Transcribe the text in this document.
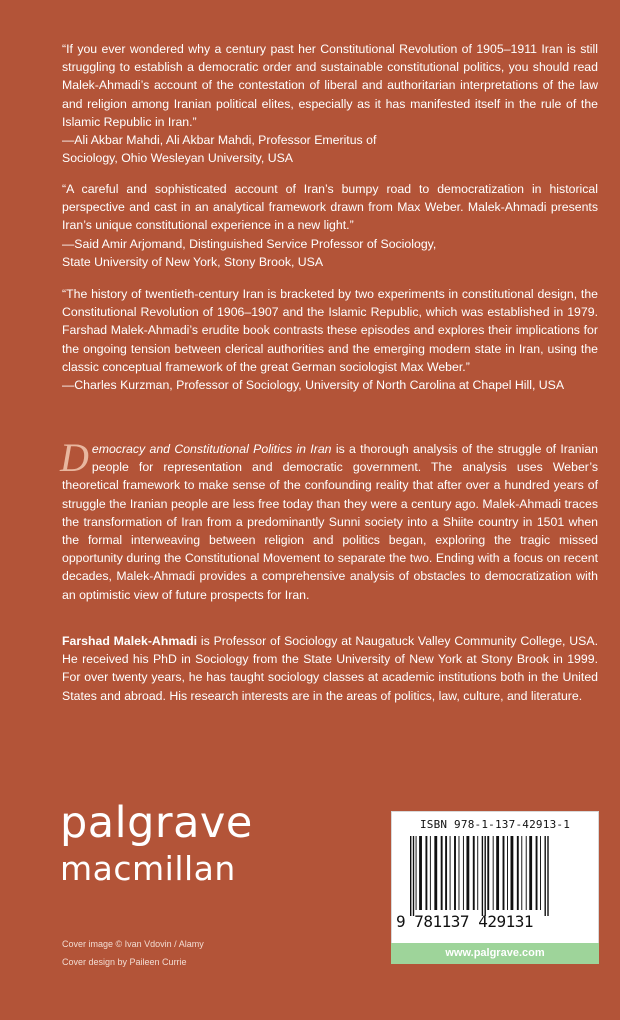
“If you ever wondered why a century past her Constitutional Revolution of 1905–1911 Iran is still struggling to establish a democratic order and sustainable constitutional politics, you should read Malek-Ahmadi’s account of the contestation of liberal and authoritarian interpretations of the law and religion among Iranian political elites, especially as it has manifested itself in the rule of the Islamic Republic in Iran.”

—Ali Akbar Mahdi, Ali Akbar Mahdi, Professor Emeritus of
Sociology, Ohio Wesleyan University, USA

“A careful and sophisticated account of Iran’s bumpy road to democratization in historical perspective and cast in an analytical framework drawn from Max Weber. Malek-Ahmadi presents Iran’s unique constitutional experience in a new light.”

—Said Amir Arjomand, Distinguished Service Professor of Sociology,
State University of New York, Stony Brook, USA

“The history of twentieth-century Iran is bracketed by two experiments in constitutional design, the Constitutional Revolution of 1906–1907 and the Islamic Republic, which was established in 1979. Farshad Malek-Ahmadi’s erudite book contrasts these episodes and explores their implications for the ongoing tension between clerical authorities and the emerging modern state in Iran, using the classic conceptual framework of the great German sociologist Max Weber.”

—Charles Kurzman, Professor of Sociology, University of North Carolina at Chapel Hill, USA

Democracy and Constitutional Politics in Iran is a thorough analysis of the struggle of Iranian people for representation and democratic government. The analysis uses Weber’s theoretical framework to make sense of the confounding reality that after over a hundred years of struggle the Iranian people are less free today than they were a century ago. Malek-Ahmadi traces the transformation of Iran from a predominantly Sunni society into a Shiite country in 1501 when the formal interweaving between religion and politics began, exploring the tragic missed opportunity during the Constitutional Movement to separate the two. Ending with a focus on recent decades, Malek-Ahmadi provides a comprehensive analysis of obstacles to democratization with an optimistic view of future prospects for Iran.

Farshad Malek-Ahmadi is Professor of Sociology at Naugatuck Valley Community College, USA. He received his PhD in Sociology from the State University of New York at Stony Brook in 1999. For over twenty years, he has taught sociology classes at academic institutions both in the United States and abroad. His research interests are in the areas of politics, law, culture, and literature.

palgrave
macmillan
Cover image © Ivan Vdovin / Alamy
Cover design by Paileen Currie
ISBN 978-1-137-42913-1
9 781137 429131
www.palgrave.com
